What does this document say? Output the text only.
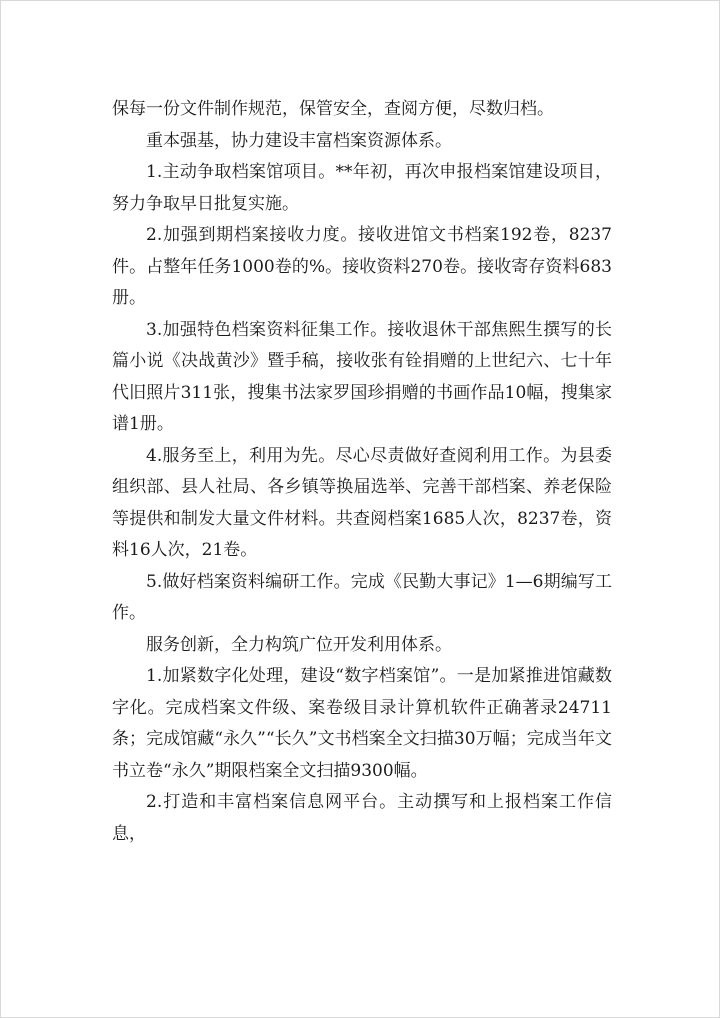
保每一份文件制作规范，保管安全，查阅方便，尽数归档。

重本强基，协力建设丰富档案资源体系。

1.主动争取档案馆项目。**年初，再次申报档案馆建设项目，努力争取早日批复实施。

2.加强到期档案接收力度。接收进馆文书档案192卷，8237件。占整年任务1000卷的%。接收资料270卷。接收寄存资料683册。

3.加强特色档案资料征集工作。接收退休干部焦熙生撰写的长篇小说《决战黄沙》暨手稿，接收张有铨捐赠的上世纪六、七十年代旧照片311张，搜集书法家罗国珍捐赠的书画作品10幅，搜集家谱1册。

4.服务至上，利用为先。尽心尽责做好查阅利用工作。为县委组织部、县人社局、各乡镇等换届选举、完善干部档案、养老保险等提供和制发大量文件材料。共查阅档案1685人次，8237卷，资料16人次，21卷。

5.做好档案资料编研工作。完成《民勤大事记》1—6期编写工作。

服务创新，全力构筑广位开发利用体系。

1.加紧数字化处理，建设“数字档案馆”。一是加紧推进馆藏数字化。完成档案文件级、案卷级目录计算机软件正确著录24711条；完成馆藏“永久”“长久”文书档案全文扫描30万幅；完成当年文书立卷“永久”期限档案全文扫描9300幅。

2.打造和丰富档案信息网平台。主动撰写和上报档案工作信息，
